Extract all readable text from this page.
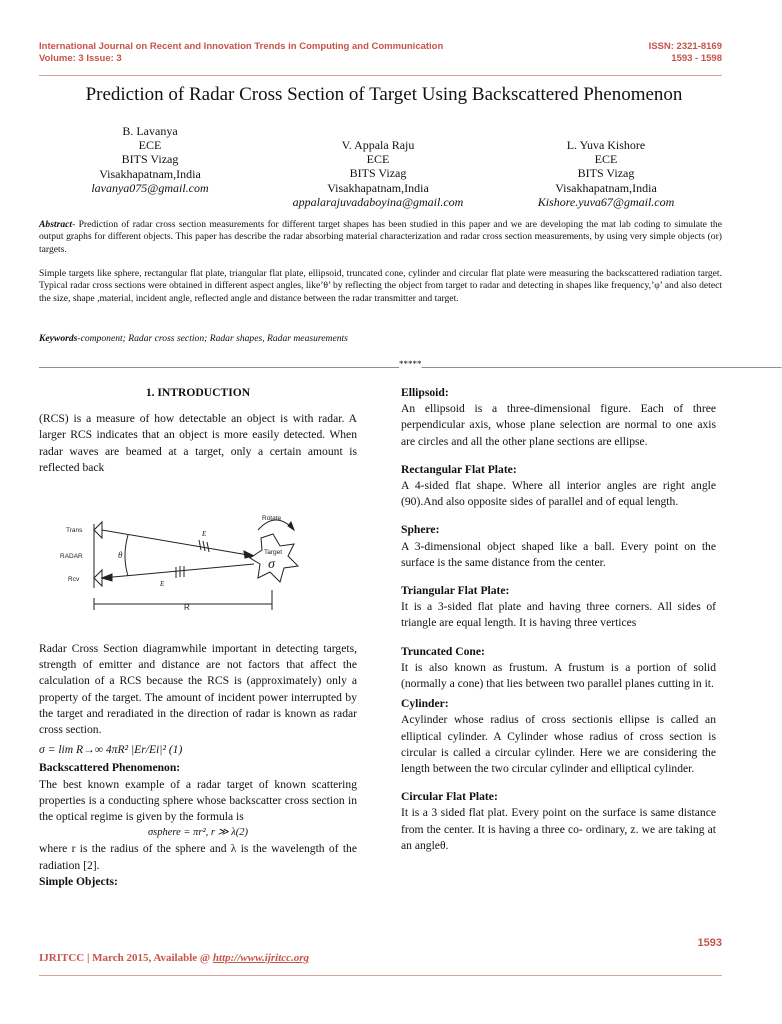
International Journal on Recent and Innovation Trends in Computing and Communication
Volume: 3 Issue: 3
ISSN: 2321-8169
1593 - 1598
Prediction of Radar Cross Section of Target Using Backscattered Phenomenon
B. Lavanya
ECE
BITS Vizag
Visakhapatnam,India
lavanya075@gmail.com
V. Appala Raju
ECE
BITS Vizag
Visakhapatnam,India
appalarajuvadaboyina@gmail.com
L. Yuva Kishore
ECE
BITS Vizag
Visakhapatnam,India
Kishore.yuva67@gmail.com
Abstract- Prediction of radar cross section measurements for different target shapes has been studied in this paper and we are developing the mat lab coding to simulate the output graphs for different objects. This paper has describe the radar absorbing material characterization and radar cross section measurements, by using very simple objects (or) targets.
Simple targets like sphere, rectangular flat plate, triangular flat plate, ellipsoid, truncated cone, cylinder and circular flat plate were measuring the backscattered radiation target. Typical radar cross sections were obtained in different aspect angles, like’θ’ by reflecting the object from target to radar and detecting in shapes like frequency,’φ’ and also detect the size, shape ,material, incident angle, reflected angle and distance between the radar transmitter and target.
Keywords-component; Radar cross section; Radar shapes, Radar measurements
________________________________________________________________________________*****________________________________________________________________________________
1. INTRODUCTION

(RCS) is a measure of how detectable an object is with radar. A larger RCS indicates that an object is more easily detected. When radar waves are beamed at a target, only a certain amount is reflected back

Trans
RADAR
Rcv
Rotate
Target
R
θ
E
E
σ

Radar Cross Section diagramwhile important in detecting targets, strength of emitter and distance are not factors that affect the calculation of a RCS because the RCS is (approximately) only a property of the target. The amount of incident power interrupted by the target and reradiated in the direction of radar is known as radar cross section.

σ = lim R→∞ 4πR² |Er/Ei|² (1)

Backscattered Phenomenon:

The best known example of a radar target of known scattering properties is a conducting sphere whose backscatter cross section in the optical regime is given by the formula is

σsphere = πr², r ≫ λ(2)

where r is the radius of the sphere and λ is the wavelength of the radiation [2].

Simple Objects:
Ellipsoid:

An ellipsoid is a three-dimensional figure. Each of three perpendicular axis, whose plane selection are normal to one axis are circles and all the other plane sections are ellipse.

Rectangular Flat Plate:

A 4-sided flat shape. Where all interior angles are right angle (90).And also opposite sides of parallel and of equal length.

Sphere:

A 3-dimensional object shaped like a ball. Every point on the surface is the same distance from the center.

Triangular Flat Plate:

It is a 3-sided flat plate and having three corners. All sides of triangle are equal length. It is having three vertices

Truncated Cone:

It is also known as frustum. A frustum is a portion of solid (normally a cone) that lies between two parallel planes cutting in it.

Cylinder:

Acylinder whose radius of cross sectionis ellipse is called an elliptical cylinder. A Cylinder whose radius of cross section is circular is called a circular cylinder. Here we are considering the length between the two circular cylinder and elliptical cylinder.

Circular Flat Plate:

It is a 3 sided flat plat. Every point on the surface is same distance from the center. It is having a three co- ordinary, z. we are taking at an angleθ.

1593
IJRITCC | March 2015, Available @ http://www.ijritcc.org
